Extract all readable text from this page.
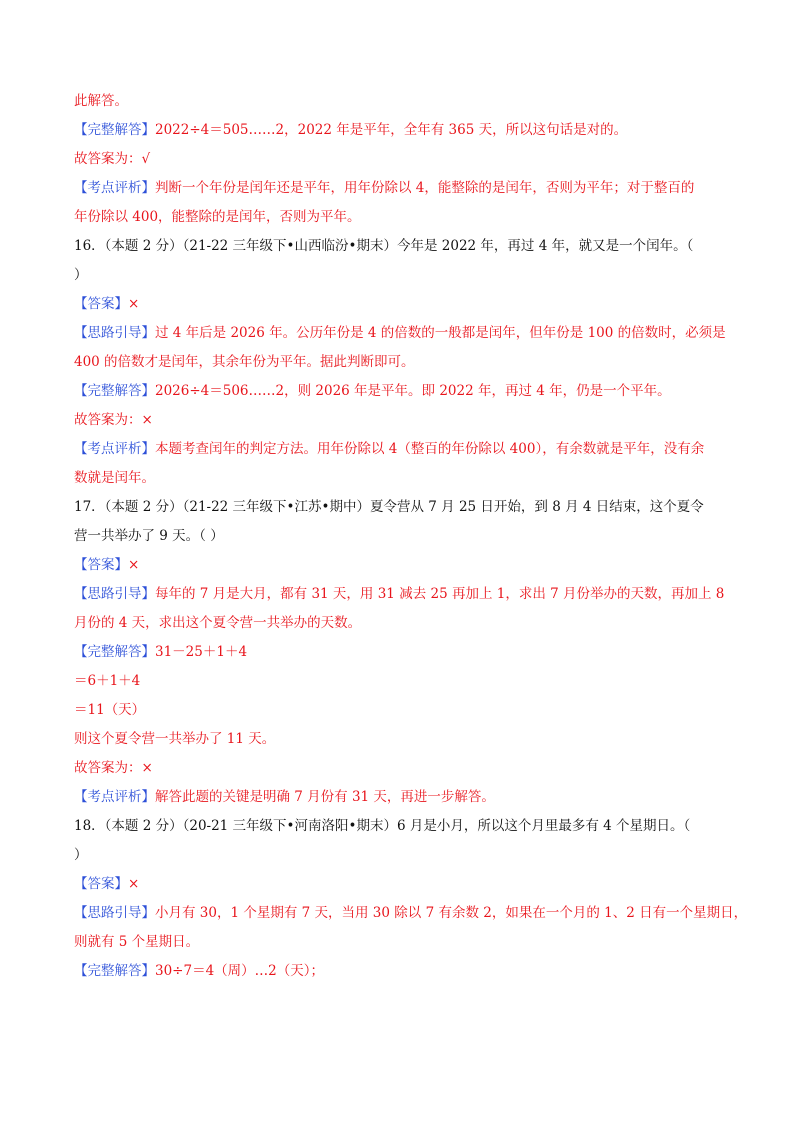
此解答。
【完整解答】2022÷4＝505……2，2022 年是平年，全年有 365 天，所以这句话是对的。
故答案为：√
【考点评析】判断一个年份是闰年还是平年，用年份除以 4，能整除的是闰年，否则为平年；对于整百的
年份除以 400，能整除的是闰年，否则为平年。
16．（本题 2 分）（21-22 三年级下•山西临汾•期末）今年是 2022 年，再过 4 年，就又是一个闰年。（
）
【答案】×
【思路引导】过 4 年后是 2026 年。公历年份是 4 的倍数的一般都是闰年，但年份是 100 的倍数时，必须是
400 的倍数才是闰年，其余年份为平年。据此判断即可。
【完整解答】2026÷4＝506……2，则 2026 年是平年。即 2022 年，再过 4 年，仍是一个平年。
故答案为：×
【考点评析】本题考查闰年的判定方法。用年份除以 4（整百的年份除以 400），有余数就是平年，没有余
数就是闰年。
17．（本题 2 分）（21-22 三年级下•江苏•期中）夏令营从 7 月 25 日开始，到 8 月 4 日结束，这个夏令
营一共举办了 9 天。（ ）
【答案】×
【思路引导】每年的 7 月是大月，都有 31 天，用 31 减去 25 再加上 1，求出 7 月份举办的天数，再加上 8
月份的 4 天，求出这个夏令营一共举办的天数。
【完整解答】31－25＋1＋4
＝6＋1＋4
＝11（天）
则这个夏令营一共举办了 11 天。
故答案为：×
【考点评析】解答此题的关键是明确 7 月份有 31 天，再进一步解答。
18．（本题 2 分）（20-21 三年级下•河南洛阳•期末）6 月是小月，所以这个月里最多有 4 个星期日。（
）
【答案】×
【思路引导】小月有 30，1 个星期有 7 天，当用 30 除以 7 有余数 2，如果在一个月的 1、2 日有一个星期日，
则就有 5 个星期日。
【完整解答】30÷7＝4（周）…2（天）；
